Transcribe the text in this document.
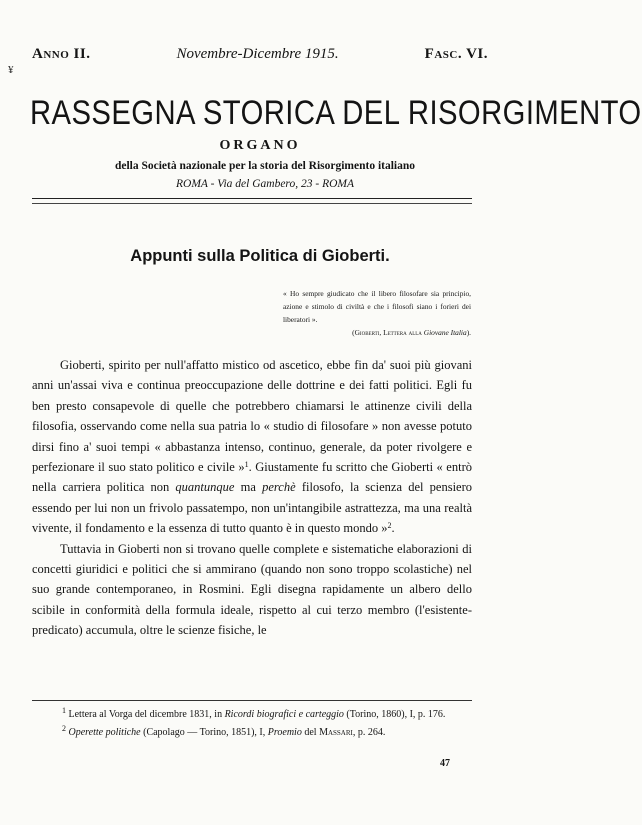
Anno II.	Novembre-Dicembre 1915.	Fasc. VI.
¥
RASSEGNA STORICA DEL RISORGIMENTO
ORGANO
della Società nazionale per la storia del Risorgimento italiano
ROMA - Via del Gambero, 23 - ROMA
Appunti sulla Politica di Gioberti.
« Ho sempre giudicato che il libero filosofare sia principio, azione e stimolo di civiltà e che i filosofi siano i forieri dei liberatori ».
(Gioberti, Lettera alla Giovane Italia).

Gioberti, spirito per null'affatto mistico od ascetico, ebbe fin da' suoi più giovani anni un'assai viva e continua preoccupazione delle dottrine e dei fatti politici. Egli fu ben presto consapevole di quelle che potrebbero chiamarsi le attinenze civili della filosofia, osservando come nella sua patria lo « studio di filosofare » non avesse potuto dirsi fino a' suoi tempi « abbastanza intenso, continuo, generale, da poter rivolgere e perfezionare il suo stato politico e civile »$^1$. Giustamente fu scritto che Gioberti « entrò nella carriera politica non quantunque ma perchè filosofo, la scienza del pensiero essendo per lui non un frivolo passatempo, non un'intangibile astrattezza, ma una realtà vivente, il fondamento e la essenza di tutto quanto è in questo mondo »$^2$.

Tuttavia in Gioberti non si trovano quelle complete e sistematiche elaborazioni di concetti giuridici e politici che si ammirano (quando non sono troppo scolastiche) nel suo grande contemporaneo, in Rosmini. Egli disegna rapidamente un albero dello scibile in conformità della formula ideale, rispetto al cui terzo membro (l'esistente-predicato) accumula, oltre le scienze fisiche, le

$^1$ Lettera al Vorga del dicembre 1831, in Ricordi biografici e carteggio (Torino, 1860), I, p. 176.

$^2$ Operette politiche (Capolago — Torino, 1851), I, Proemio del Massari, p. 264.

47
